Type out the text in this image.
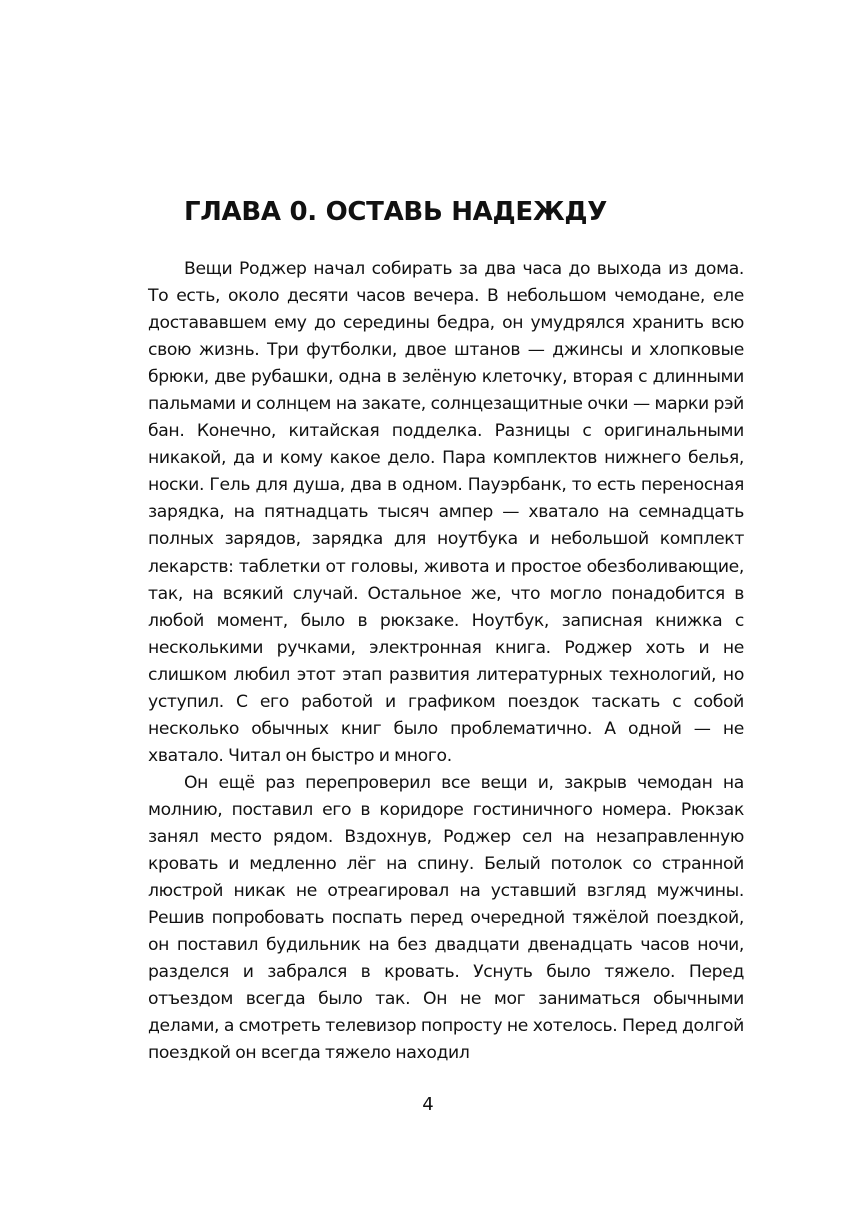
ГЛАВА 0. ОСТАВЬ НАДЕЖДУ

Вещи Роджер начал собирать за два часа до выхода из дома. То есть, около десяти часов вечера. В небольшом чемодане, еле достававшем ему до середины бедра, он умудрялся хранить всю свою жизнь. Три футболки, двое штанов — джинсы и хлопковые брюки, две рубашки, одна в зелёную клеточку, вторая с длинными пальмами и солнцем на закате, солнцезащитные очки — марки рэй бан. Конечно, китайская подделка. Разницы с оригинальными никакой, да и кому какое дело. Пара комплектов нижнего белья, носки. Гель для душа, два в одном. Пауэрбанк, то есть переносная зарядка, на пятнадцать тысяч ампер — хватало на семнадцать полных зарядов, зарядка для ноутбука и небольшой комплект лекарств: таблетки от головы, живота и простое обезболивающие, так, на всякий случай. Остальное же, что могло понадобится в любой момент, было в рюкзаке. Ноутбук, записная книжка с несколькими ручками, электронная книга. Роджер хоть и не слишком любил этот этап развития литературных технологий, но уступил. С его работой и графиком поездок таскать с собой несколько обычных книг было проблематично. А одной — не хватало. Читал он быстро и много.

Он ещё раз перепроверил все вещи и, закрыв чемодан на молнию, поставил его в коридоре гостиничного номера. Рюкзак занял место рядом. Вздохнув, Роджер сел на незаправленную кровать и медленно лёг на спину. Белый потолок со странной люстрой никак не отреагировал на уставший взгляд мужчины. Решив попробовать поспать перед очередной тяжёлой поездкой, он поставил будильник на без двадцати двенадцать часов ночи, разделся и забрался в кровать. Уснуть было тяжело. Перед отъездом всегда было так. Он не мог заниматься обычными делами, а смотреть телевизор попросту не хотелось. Перед долгой поездкой он всегда тяжело находил

4
